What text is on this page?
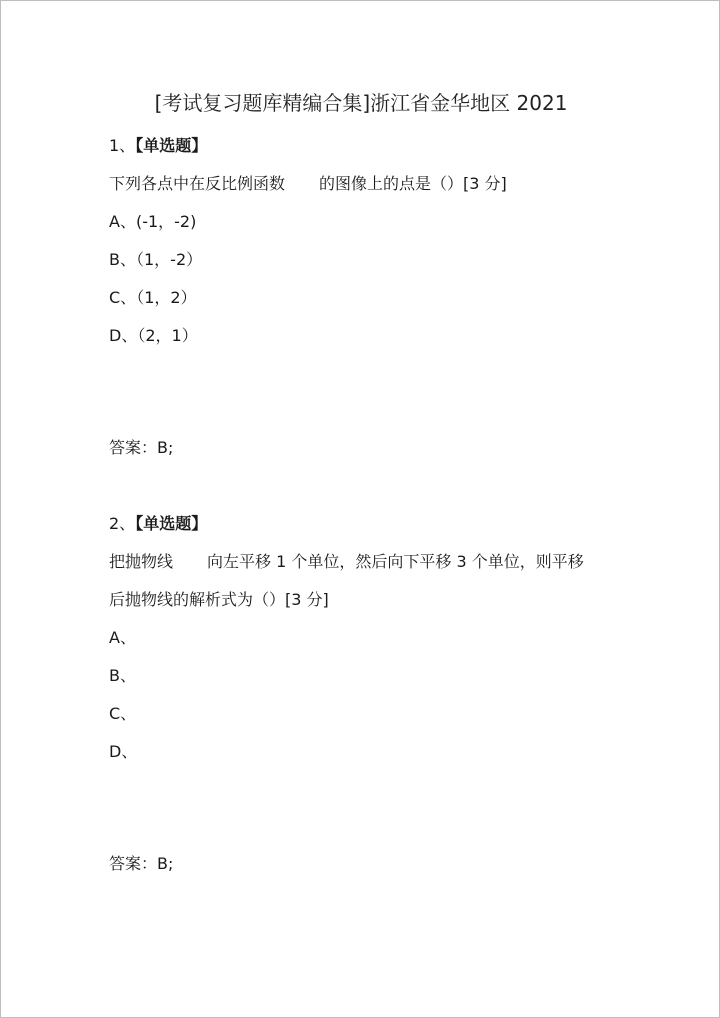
[考试复习题库精编合集]浙江省金华地区 2021
1、【单选题】
下列各点中在反比例函数 的图像上的点是（）[3 分]
A、(-1，-2)
B、（1，-2）
C、（1，2）
D、（2，1）
答案：B;
2、【单选题】
把抛物线 向左平移 1 个单位，然后向下平移 3 个单位，则平移
后抛物线的解析式为（）[3 分]
A、
B、
C、
D、
答案：B;
